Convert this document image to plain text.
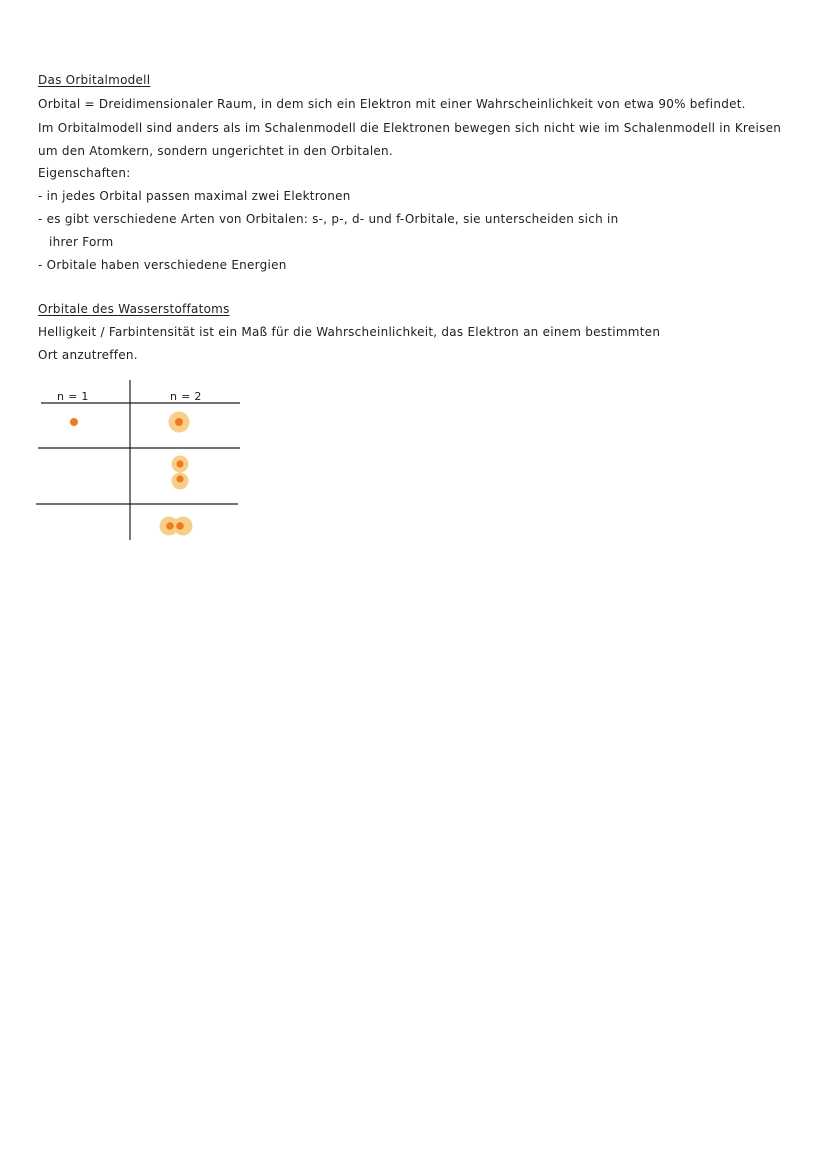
Das Orbitalmodell
Orbital = Dreidimensionaler Raum, in dem sich ein Elektron mit einer Wahrscheinlichkeit von etwa 90% befindet.
Im Orbitalmodell sind anders als im Schalenmodell die Elektronen bewegen sich nicht wie im Schalenmodell in Kreisen
um den Atomkern, sondern ungerichtet in den Orbitalen.
Eigenschaften:
- in jedes Orbital passen maximal zwei Elektronen
- es gibt verschiedene Arten von Orbitalen: s-, p-, d- und f-Orbitale, sie unterscheiden sich in
ihrer Form
- Orbitale haben verschiedene Energien
Orbitale des Wasserstoffatoms
Helligkeit / Farbintensität ist ein Maß für die Wahrscheinlichkeit, das Elektron an einem bestimmten
Ort anzutreffen.
n = 1	n = 2
